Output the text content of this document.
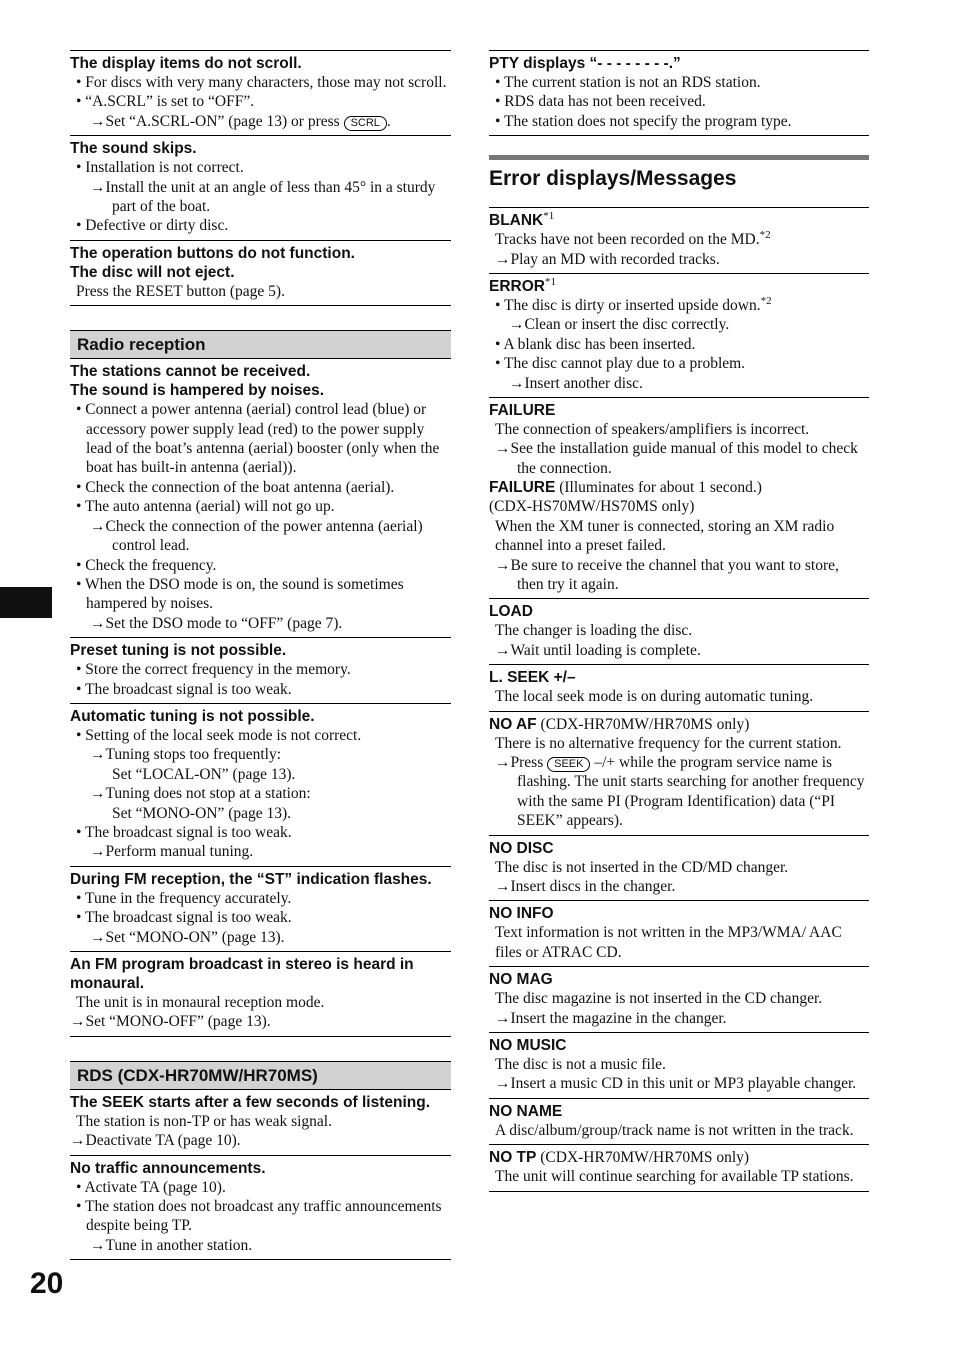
20
The display items do not scroll.
• For discs with very many characters, those may not scroll.
• “A.SCRL” is set to “OFF”.
→Set “A.SCRL-ON” (page 13) or press SCRL .
The sound skips.
• Installation is not correct.
→Install the unit at an angle of less than 45° in a sturdy part of the boat.
• Defective or dirty disc.
The operation buttons do not function.
The disc will not eject.
Press the RESET button (page 5).
Radio reception
The stations cannot be received.
The sound is hampered by noises.
• Connect a power antenna (aerial) control lead (blue) or accessory power supply lead (red) to the power supply lead of the boat’s antenna (aerial) booster (only when the boat has built-in antenna (aerial)).
• Check the connection of the boat antenna (aerial).
• The auto antenna (aerial) will not go up.
→Check the connection of the power antenna (aerial) control lead.
• Check the frequency.
• When the DSO mode is on, the sound is sometimes hampered by noises.
→Set the DSO mode to “OFF” (page 7).
Preset tuning is not possible.
• Store the correct frequency in the memory.
• The broadcast signal is too weak.
Automatic tuning is not possible.
• Setting of the local seek mode is not correct.
→Tuning stops too frequently:
Set “LOCAL-ON” (page 13).
→Tuning does not stop at a station:
Set “MONO-ON” (page 13).
• The broadcast signal is too weak.
→Perform manual tuning.
During FM reception, the “ST” indication flashes.
• Tune in the frequency accurately.
• The broadcast signal is too weak.
→Set “MONO-ON” (page 13).
An FM program broadcast in stereo is heard in monaural.
The unit is in monaural reception mode.
→Set “MONO-OFF” (page 13).
RDS (CDX-HR70MW/HR70MS)
The SEEK starts after a few seconds of listening.
The station is non-TP or has weak signal.
→Deactivate TA (page 10).
No traffic announcements.
• Activate TA (page 10).
• The station does not broadcast any traffic announcements despite being TP.
→Tune in another station.
PTY displays “- - - - - - - -.”
• The current station is not an RDS station.
• RDS data has not been received.
• The station does not specify the program type.
Error displays/Messages
BLANK$^{*1}$
Tracks have not been recorded on the MD.$^{*2}$
→Play an MD with recorded tracks.
ERROR$^{*1}$
• The disc is dirty or inserted upside down.$^{*2}$
→Clean or insert the disc correctly.
• A blank disc has been inserted.
• The disc cannot play due to a problem.
→Insert another disc.
FAILURE
The connection of speakers/amplifiers is incorrect.
→See the installation guide manual of this model to check the connection.
FAILURE (Illuminates for about 1 second.)
(CDX-HS70MW/HS70MS only)
When the XM tuner is connected, storing an XM radio channel into a preset failed.
→Be sure to receive the channel that you want to store, then try it again.
LOAD
The changer is loading the disc.
→Wait until loading is complete.
L. SEEK +/–
The local seek mode is on during automatic tuning.
NO AF (CDX-HR70MW/HR70MS only)
There is no alternative frequency for the current station.
→Press SEEK –/+ while the program service name is flashing. The unit starts searching for another frequency with the same PI (Program Identification) data (“PI SEEK” appears).
NO DISC
The disc is not inserted in the CD/MD changer.
→Insert discs in the changer.
NO INFO
Text information is not written in the MP3/WMA/ AAC files or ATRAC CD.
NO MAG
The disc magazine is not inserted in the CD changer.
→Insert the magazine in the changer.
NO MUSIC
The disc is not a music file.
→Insert a music CD in this unit or MP3 playable changer.
NO NAME
A disc/album/group/track name is not written in the track.
NO TP (CDX-HR70MW/HR70MS only)
The unit will continue searching for available TP stations.
